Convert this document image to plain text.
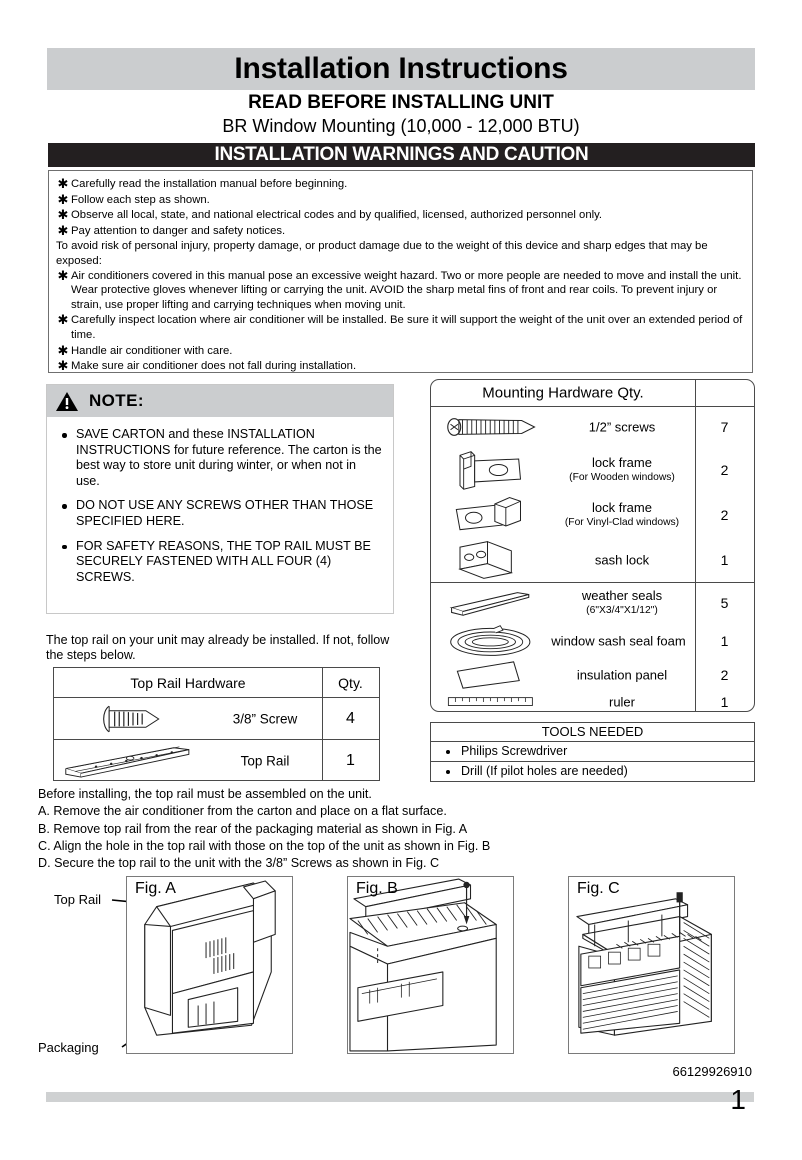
Installation Instructions
READ BEFORE INSTALLING UNIT
BR Window Mounting (10,000 - 12,000 BTU)
INSTALLATION WARNINGS AND CAUTION
✱ Carefully read the installation manual before beginning.
✱ Follow each step as shown.
✱ Observe all local, state, and national electrical codes and by qualified, licensed, authorized personnel only.
✱ Pay attention to danger and safety notices.
To avoid risk of personal injury, property damage, or product damage due to the weight of this device and sharp edges that may be exposed:
✱ Air conditioners covered in this manual pose an excessive weight hazard. Two or more people are needed to move and install the unit. Wear protective gloves whenever lifting or carrying the unit. AVOID the sharp metal fins of front and rear coils. To prevent injury or strain, use proper lifting and carrying techniques when moving unit.
✱ Carefully inspect location where air conditioner will be installed. Be sure it will support the weight of the unit over an extended period of time.
✱ Handle air conditioner with care.
✱ Make sure air conditioner does not fall during installation.
NOTE:
SAVE CARTON and these INSTALLATION INSTRUCTIONS for future reference. The carton is the best way to store unit during winter, or when not in use.
DO NOT USE ANY SCREWS OTHER THAN THOSE SPECIFIED HERE.
FOR SAFETY REASONS, THE TOP RAIL MUST BE SECURELY FASTENED WITH ALL FOUR (4) SCREWS.
Mounting Hardware Qty.
1/2” screws	7
lock frame
(For Wooden windows)	2
lock frame
(For Vinyl-Clad windows)	2
sash lock	1
weather seals
(6"X3/4"X1/12")	5
window sash seal foam	1
insulation panel	2
ruler	1
The top rail on your unit may already be installed. If not, follow the steps below.
Top Rail Hardware	Qty.
3/8” Screw	4
Top Rail	1
TOOLS NEEDED
Philips Screwdriver
Drill (If pilot holes are needed)
Before installing, the top rail must be assembled on the unit.
A. Remove the air conditioner from the carton and place on a flat surface.
B. Remove top rail from the rear of the packaging material as shown in Fig. A
C. Align the hole in the top rail with those on the top of the unit as shown in Fig. B
D. Secure the top rail to the unit with the 3/8” Screws as shown in Fig. C
Top Rail
Packaging
Fig. A	Fig. B	Fig. C
66129926910
1
